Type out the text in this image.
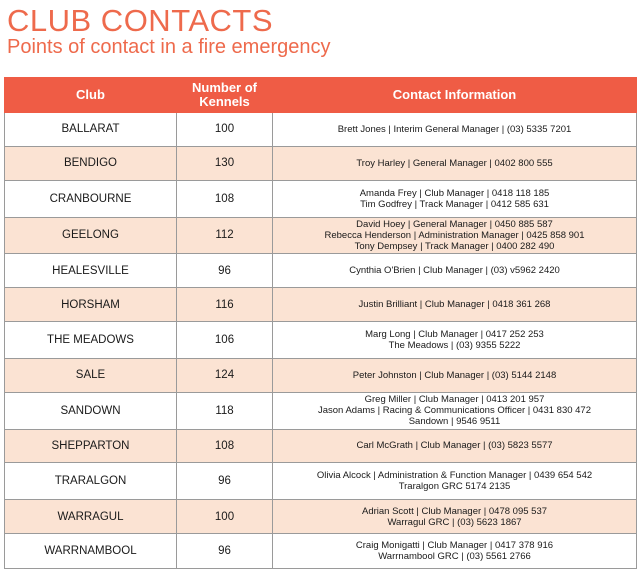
CLUB CONTACTS
Points of contact in a fire emergency
Club	Number of Kennels	Contact Information
BALLARAT	100	Brett Jones | Interim General Manager | (03) 5335 7201

BENDIGO	130	Troy Harley | General Manager | 0402 800 555

CRANBOURNE	108	Amanda Frey | Club Manager | 0418 118 185
Tim Godfrey | Track Manager | 0412 585 631

GEELONG	112	David Hoey | General Manager | 0450 885 587
Rebecca Henderson | Administration Manager | 0425 858 901
Tony Dempsey | Track Manager | 0400 282 490

HEALESVILLE	96	Cynthia O'Brien | Club Manager | (03) v5962 2420

HORSHAM	116	Justin Brilliant | Club Manager | 0418 361 268

THE MEADOWS	106	Marg Long | Club Manager | 0417 252 253
The Meadows | (03) 9355 5222

SALE	124	Peter Johnston | Club Manager | (03) 5144 2148

SANDOWN	118	Greg Miller | Club Manager | 0413 201 957
Jason Adams | Racing & Communications Officer | 0431 830 472
Sandown | 9546 9511

SHEPPARTON	108	Carl McGrath | Club Manager | (03) 5823 5577

TRARALGON	96	Olivia Alcock | Administration & Function Manager | 0439 654 542
Traralgon GRC 5174 2135

WARRAGUL	100	Adrian Scott | Club Manager | 0478 095 537
Warragul GRC | (03) 5623 1867

WARRNAMBOOL	96	Craig Monigatti | Club Manager | 0417 378 916
Warrnambool GRC | (03) 5561 2766
